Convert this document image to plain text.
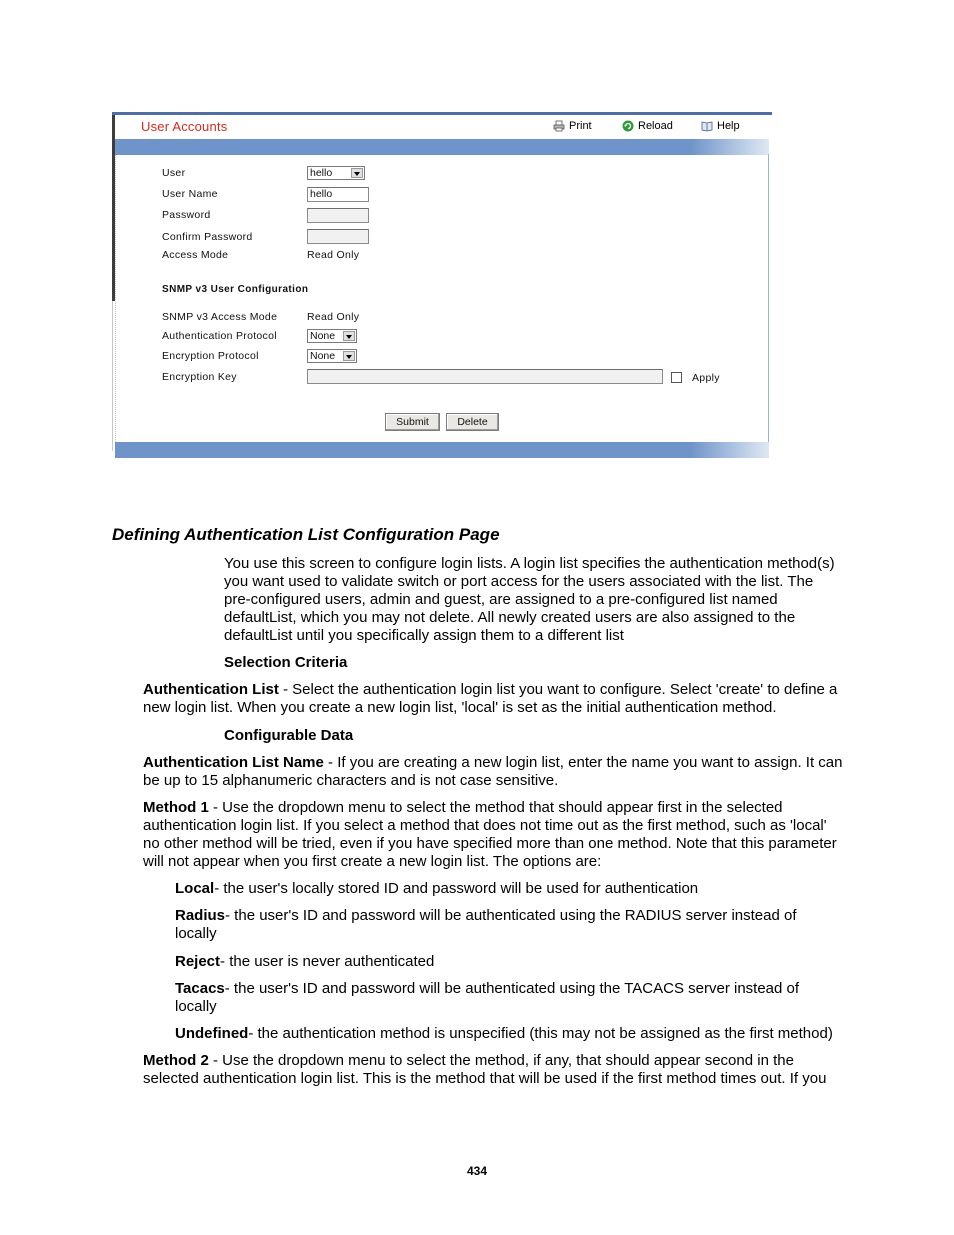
User Accounts	Print	Reload	Help
User	hello
User Name	hello
Password
Confirm Password
Access Mode	Read Only
SNMP v3 User Configuration
SNMP v3 Access Mode	Read Only
Authentication Protocol	None
Encryption Protocol	None
Encryption Key	Apply
Submit	Delete
Defining Authentication List Configuration Page
You use this screen to configure login lists. A login list specifies the authentication method(s)
you want used to validate switch or port access for the users associated with the list. The
pre-configured users, admin and guest, are assigned to a pre-configured list named
defaultList, which you may not delete. All newly created users are also assigned to the
defaultList until you specifically assign them to a different list
Selection Criteria
Authentication List - Select the authentication login list you want to configure. Select 'create' to define a
new login list. When you create a new login list, 'local' is set as the initial authentication method.
Configurable Data
Authentication List Name - If you are creating a new login list, enter the name you want to assign. It can
be up to 15 alphanumeric characters and is not case sensitive.
Method 1 - Use the dropdown menu to select the method that should appear first in the selected
authentication login list. If you select a method that does not time out as the first method, such as 'local'
no other method will be tried, even if you have specified more than one method. Note that this parameter
will not appear when you first create a new login list. The options are:
Local- the user's locally stored ID and password will be used for authentication
Radius- the user's ID and password will be authenticated using the RADIUS server instead of
locally
Reject- the user is never authenticated
Tacacs- the user's ID and password will be authenticated using the TACACS server instead of
locally
Undefined- the authentication method is unspecified (this may not be assigned as the first method)
Method 2 - Use the dropdown menu to select the method, if any, that should appear second in the
selected authentication login list. This is the method that will be used if the first method times out. If you
434
